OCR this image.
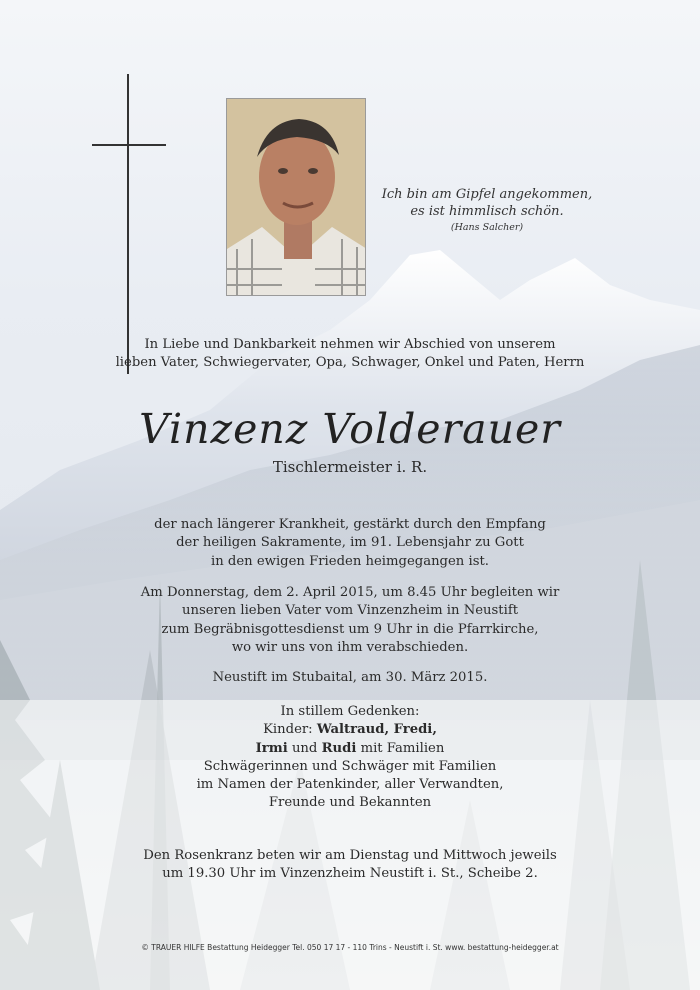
Ich bin am Gipfel angekommen,
es ist himmlisch schön.
(Hans Salcher)
In Liebe und Dankbarkeit nehmen wir Abschied von unserem
lieben Vater, Schwiegervater, Opa, Schwager, Onkel und Paten, Herrn
Vinzenz Volderauer
Tischlermeister i. R.
der nach längerer Krankheit, gestärkt durch den Empfang
der heiligen Sakramente, im 91. Lebensjahr zu Gott
in den ewigen Frieden heimgegangen ist.
Am Donnerstag, dem 2. April 2015, um 8.45 Uhr begleiten wir
unseren lieben Vater vom Vinzenzheim in Neustift
zum Begräbnisgottesdienst um 9 Uhr in die Pfarrkirche,
wo wir uns von ihm verabschieden.
Neustift im Stubaital, am 30. März 2015.
In stillem Gedenken:
Kinder: Waltraud, Fredi,
Irmi und Rudi mit Familien
Schwägerinnen und Schwäger mit Familien
im Namen der Patenkinder, aller Verwandten,
Freunde und Bekannten
Den Rosenkranz beten wir am Dienstag und Mittwoch jeweils
um 19.30 Uhr im Vinzenzheim Neustift i. St., Scheibe 2.
© TRAUER HILFE Bestattung Heidegger Tel. 050 17 17 - 110 Trins - Neustift i. St. www. bestattung-heidegger.at
